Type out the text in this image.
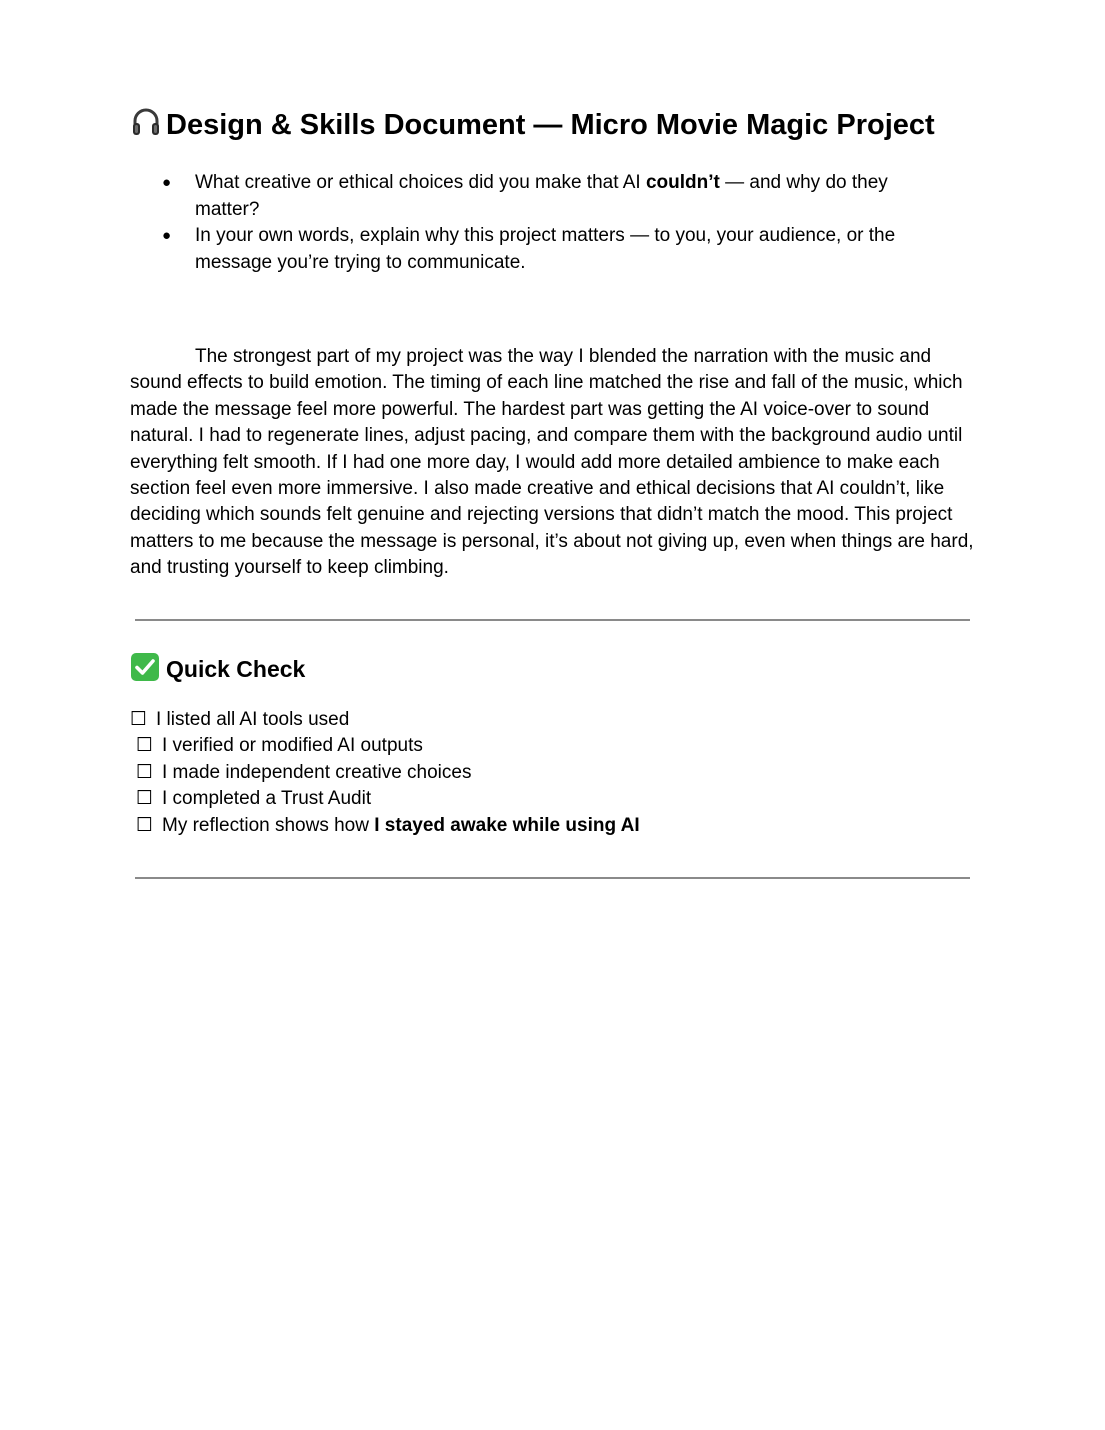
Design & Skills Document — Micro Movie Magic Project
● What creative or ethical choices did you make that AI couldn’t — and why do they matter?
● In your own words, explain why this project matters — to you, your audience, or the message you’re trying to communicate.

The strongest part of my project was the way I blended the narration with the music and sound effects to build emotion. The timing of each line matched the rise and fall of the music, which made the message feel more powerful. The hardest part was getting the AI voice-over to sound natural. I had to regenerate lines, adjust pacing, and compare them with the background audio until everything felt smooth. If I had one more day, I would add more detailed ambience to make each section feel even more immersive. I also made creative and ethical decisions that AI couldn’t, like deciding which sounds felt genuine and rejecting versions that didn’t match the mood. This project matters to me because the message is personal, it’s about not giving up, even when things are hard, and trusting yourself to keep climbing.

Quick Check
☐ I listed all AI tools used
☐ I verified or modified AI outputs
☐ I made independent creative choices
☐ I completed a Trust Audit
☐ My reflection shows how I stayed awake while using AI
